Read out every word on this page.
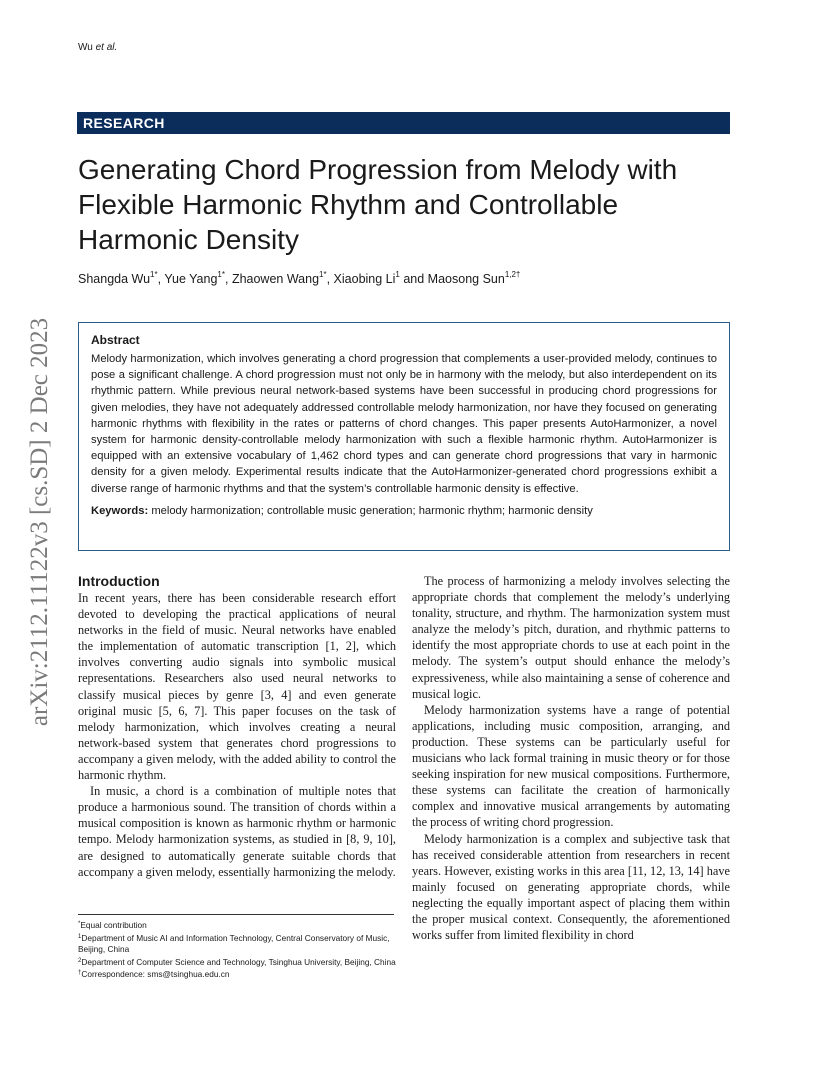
Wu et al.
arXiv:2112.11122v3 [cs.SD] 2 Dec 2023
RESEARCH
Generating Chord Progression from Melody with Flexible Harmonic Rhythm and Controllable Harmonic Density
Shangda $Wu^{1*}$, Yue Yang$^{1*}$, Zhaowen Wang$^{1*}$, Xiaobing Li$^1$ and Maosong Sun$^{1,2\dagger}$

Abstract

Melody harmonization, which involves generating a chord progression that complements a user-provided melody, continues to pose a significant challenge. A chord progression must not only be in harmony with the melody, but also interdependent on its rhythmic pattern. While previous neural network-based systems have been successful in producing chord progressions for given melodies, they have not adequately addressed controllable melody harmonization, nor have they focused on generating harmonic rhythms with flexibility in the rates or patterns of chord changes. This paper presents AutoHarmonizer, a novel system for harmonic density-controllable melody harmonization with such a flexible harmonic rhythm. AutoHarmonizer is equipped with an extensive vocabulary of 1,462 chord types and can generate chord progressions that vary in harmonic density for a given melody. Experimental results indicate that the AutoHarmonizer-generated chord progressions exhibit a diverse range of harmonic rhythms and that the system’s controllable harmonic density is effective.

Keywords: melody harmonization; controllable music generation; harmonic rhythm; harmonic density
Introduction

In recent years, there has been considerable research effort devoted to developing the practical applications of neural networks in the field of music. Neural networks have enabled the implementation of automatic transcription [1, 2], which involves converting audio signals into symbolic musical representations. Researchers also used neural networks to classify musical pieces by genre [3, 4] and even generate original music [5, 6, 7]. This paper focuses on the task of melody harmonization, which involves creating a neural network-based system that generates chord progressions to accompany a given melody, with the added ability to control the harmonic rhythm.

In music, a chord is a combination of multiple notes that produce a harmonious sound. The transition of chords within a musical composition is known as harmonic rhythm or harmonic tempo. Melody harmonization systems, as studied in [8, 9, 10], are designed to automatically generate suitable chords that accompany a given melody, essentially harmonizing the melody.

The process of harmonizing a melody involves selecting the appropriate chords that complement the melody’s underlying tonality, structure, and rhythm. The harmonization system must analyze the melody’s pitch, duration, and rhythmic patterns to identify the most appropriate chords to use at each point in the melody. The system’s output should enhance the melody’s expressiveness, while also maintaining a sense of coherence and musical logic.

Melody harmonization systems have a range of potential applications, including music composition, arranging, and production. These systems can be particularly useful for musicians who lack formal training in music theory or for those seeking inspiration for new musical compositions. Furthermore, these systems can facilitate the creation of harmonically complex and innovative musical arrangements by automating the process of writing chord progression.

Melody harmonization is a complex and subjective task that has received considerable attention from researchers in recent years. However, existing works in this area [11, 12, 13, 14] have mainly focused on generating appropriate chords, while neglecting the equally important aspect of placing them within the proper musical context. Consequently, the aforementioned works suffer from limited flexibility in chord

*Equal contribution
$^1$Department of Music AI and Information Technology, Central Conservatory of Music, Beijing, China
$^2$Department of Computer Science and Technology, Tsinghua University, Beijing, China
†Correspondence: sms@tsinghua.edu.cn
